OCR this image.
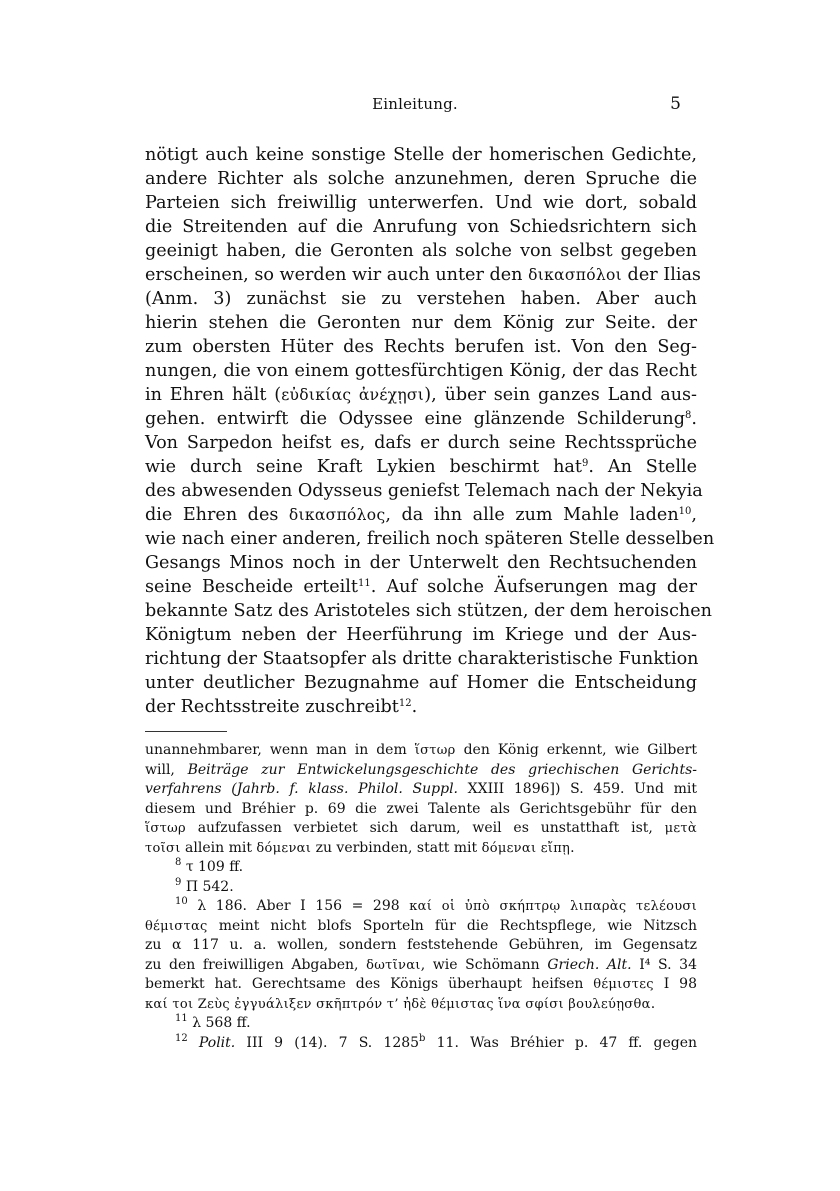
Einleitung.	5
nötigt auch keine sonstige Stelle der homerischen Gedichte,
andere Richter als solche anzunehmen, deren Spruche die
Parteien sich freiwillig unterwerfen. Und wie dort, sobald
die Streitenden auf die Anrufung von Schiedsrichtern sich
geeinigt haben, die Geronten als solche von selbst gegeben
erscheinen, so werden wir auch unter den δικασπόλοι der Ilias
(Anm. 3) zunächst sie zu verstehen haben. Aber auch
hierin stehen die Geronten nur dem König zur Seite. der
zum obersten Hüter des Rechts berufen ist. Von den Seg-
nungen, die von einem gottesfürchtigen König, der das Recht
in Ehren hält (εὐδικίας ἀνέχῃσι), über sein ganzes Land aus-
gehen. entwirft die Odyssee eine glänzende Schilderung$^8$.
Von Sarpedon heifst es, dafs er durch seine Rechtssprüche
wie durch seine Kraft Lykien beschirmt hat$^9$. An Stelle
des abwesenden Odysseus geniefst Telemach nach der Nekyia
die Ehren des δικασπόλος, da ihn alle zum Mahle laden$^{10}$,
wie nach einer anderen, freilich noch späteren Stelle desselben
Gesangs Minos noch in der Unterwelt den Rechtsuchenden
seine Bescheide erteilt$^{11}$. Auf solche Äufserungen mag der
bekannte Satz des Aristoteles sich stützen, der dem heroischen
Königtum neben der Heerführung im Kriege und der Aus-
richtung der Staatsopfer als dritte charakteristische Funktion
unter deutlicher Bezugnahme auf Homer die Entscheidung
der Rechtsstreite zuschreibt$^{12}$.
unannehmbarer, wenn man in dem ἵστωρ den König erkennt, wie Gilbert
will, Beiträge zur Entwickelungsgeschichte des griechischen Gerichts-
verfahrens (Jahrb. f. klass. Philol. Suppl. XXIII 1896]) S. 459. Und mit
diesem und Bréhier p. 69 die zwei Talente als Gerichtsgebühr für den
ἵστωρ aufzufassen verbietet sich darum, weil es unstatthaft ist, μετὰ
τοῖσι allein mit δόμεναι zu verbinden, statt mit δόμεναι εἴπῃ.
$^8$ τ 109 ff.
$^9$ Π 542.
$^{10}$ λ 186. Aber I 156 = 298 καί οἱ ὑπὸ σκήπτρῳ λιπαρὰς τελέουσι
θέμιστας meint nicht blofs Sporteln für die Rechtspflege, wie Nitzsch
zu α 117 u. a. wollen, sondern feststehende Gebühren, im Gegensatz
zu den freiwilligen Abgaben, δωτῖναι, wie Schömann Griech. Alt. I⁴ S. 34
bemerkt hat. Gerechtsame des Königs überhaupt heifsen θέμιστες I 98
καί τοι Ζεὺς ἐγγυάλιξεν σκῆπτρόν τ’ ἠδὲ θέμιστας ἵνα σφίσι βουλεύῃσθα.
$^{11}$ λ 568 ff.
$^{12}$ Polit. III 9 (14). 7 S. 1285$^b$ 11. Was Bréhier p. 47 ff. gegen
